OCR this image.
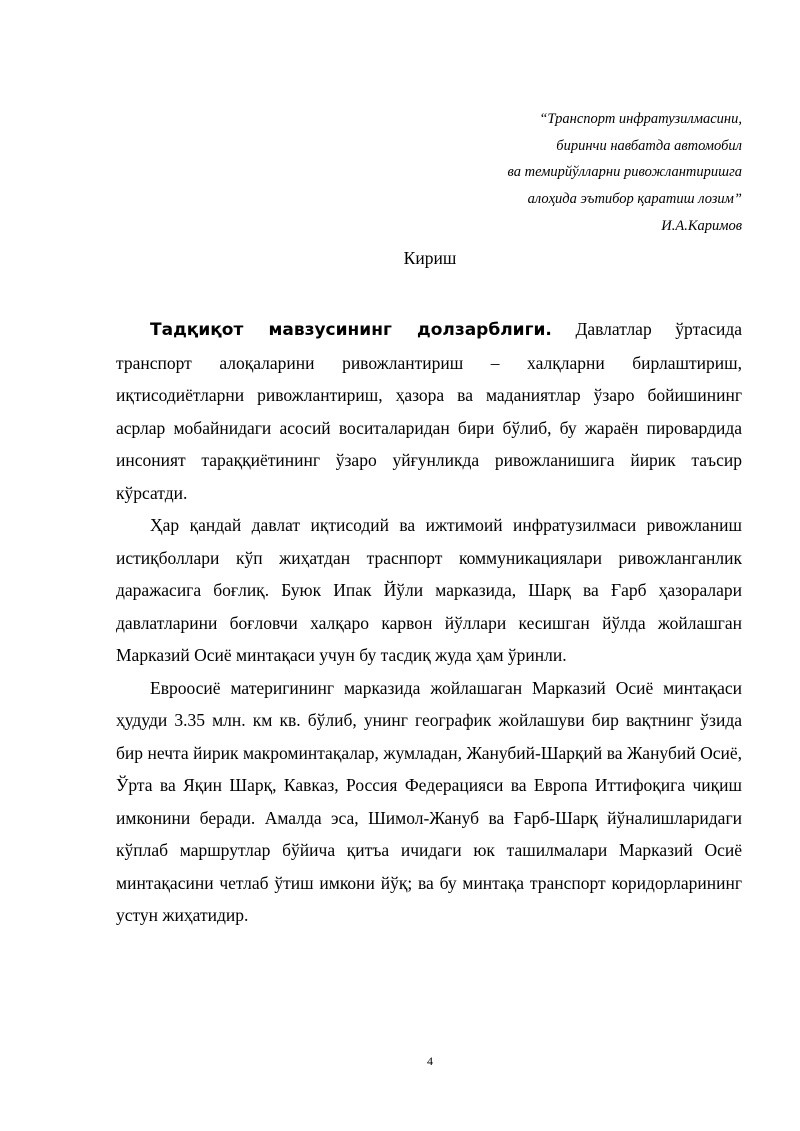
“Транспорт инфратузилмасини,
биринчи навбатда автомобил
ва темирйўлларни ривожлантиришга
алоҳида эътибор қаратиш лозим”
И.А.Каримов
Кириш

Тадқиқот мавзусининг долзарблиги. Давлатлар ўртасида транспорт алоқаларини ривожлантириш – халқларни бирлаштириш, иқтисодиётларни ривожлантириш, ҳазора ва маданиятлар ўзаро бойишининг асрлар мобайнидаги асосий воситаларидан бири бўлиб, бу жараён пировардида инсоният тараққиётининг ўзаро уйғунликда ривожланишига йирик таъсир кўрсатди.

Ҳар қандай давлат иқтисодий ва ижтимоий инфратузилмаси ривожланиш истиқболлари кўп жиҳатдан траснпорт коммуникациялари ривожланганлик даражасига боғлиқ. Буюк Ипак Йўли марказида, Шарқ ва Ғарб ҳазоралари давлатларини боғловчи халқаро карвон йўллари кесишган йўлда жойлашган Марказий Осиё минтақаси учун бу тасдиқ жуда ҳам ўринли.

Евроосиё материгининг марказида жойлашаган Марказий Осиё минтақаси ҳудуди 3.35 млн. км кв. бўлиб, унинг географик жойлашуви бир вақтнинг ўзида бир нечта йирик макроминтақалар, жумладан, Жанубий-Шарқий ва Жанубий Осиё, Ўрта ва Яқин Шарқ, Кавказ, Россия Федерацияси ва Европа Иттифоқига чиқиш имконини беради. Амалда эса, Шимол-Жануб ва Ғарб-Шарқ йўналишларидаги кўплаб маршрутлар бўйича қитъа ичидаги юк ташилмалари Марказий Осиё минтақасини четлаб ўтиш имкони йўқ; ва бу минтақа транспорт коридорларининг устун жиҳатидир.

4
